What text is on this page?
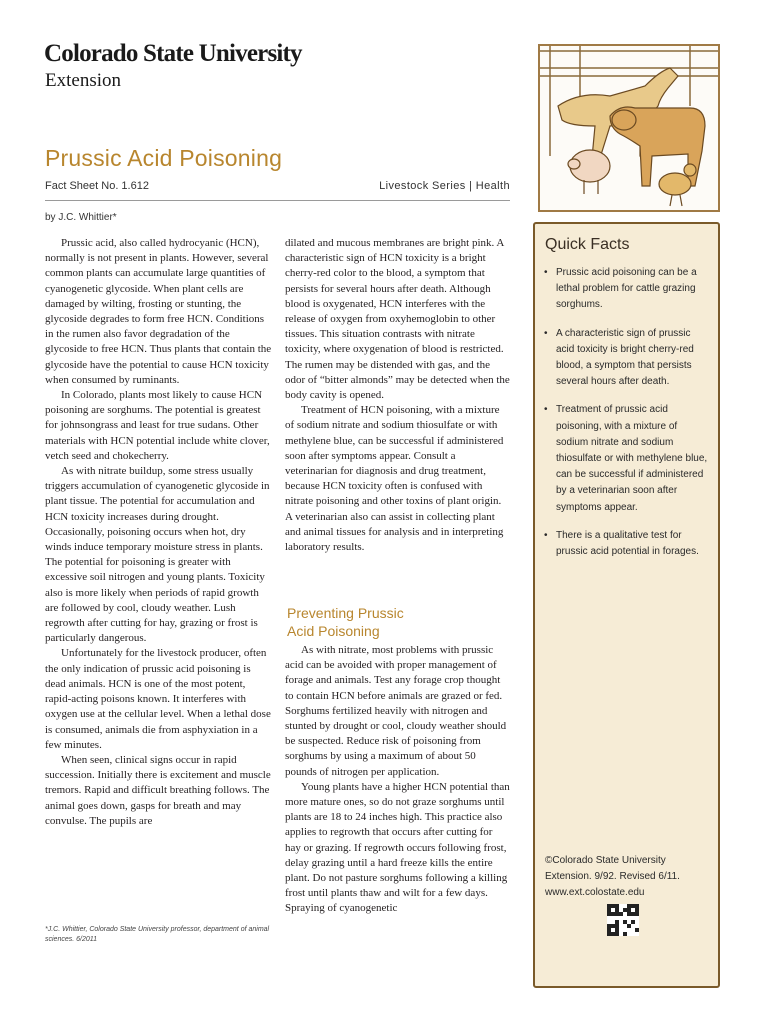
Colorado State University
Extension
Prussic Acid Poisoning
Fact Sheet No. 1.612	Livestock Series | Health
by J.C. Whittier*

Prussic acid, also called hydrocyanic (HCN), normally is not present in plants. However, several common plants can accumulate large quantities of cyanogenetic glycoside. When plant cells are damaged by wilting, frosting or stunting, the glycoside degrades to form free HCN. Conditions in the rumen also favor degradation of the glycoside to free HCN. Thus plants that contain the glycoside have the potential to cause HCN toxicity when consumed by ruminants.

In Colorado, plants most likely to cause HCN poisoning are sorghums. The potential is greatest for johnsongrass and least for true sudans. Other materials with HCN potential include white clover, vetch seed and chokecherry.

As with nitrate buildup, some stress usually triggers accumulation of cyanogenetic glycoside in plant tissue. The potential for accumulation and HCN toxicity increases during drought. Occasionally, poisoning occurs when hot, dry winds induce temporary moisture stress in plants. The potential for poisoning is greater with excessive soil nitrogen and young plants. Toxicity also is more likely when periods of rapid growth are followed by cool, cloudy weather. Lush regrowth after cutting for hay, grazing or frost is particularly dangerous.

Unfortunately for the livestock producer, often the only indication of prussic acid poisoning is dead animals. HCN is one of the most potent, rapid-acting poisons known. It interferes with oxygen use at the cellular level. When a lethal dose is consumed, animals die from asphyxiation in a few minutes.

When seen, clinical signs occur in rapid succession. Initially there is excitement and muscle tremors. Rapid and difficult breathing follows. The animal goes down, gasps for breath and may convulse. The pupils are

dilated and mucous membranes are bright pink. A characteristic sign of HCN toxicity is a bright cherry-red color to the blood, a symptom that persists for several hours after death. Although blood is oxygenated, HCN interferes with the release of oxygen from oxyhemoglobin to other tissues. This situation contrasts with nitrate toxicity, where oxygenation of blood is restricted. The rumen may be distended with gas, and the odor of “bitter almonds” may be detected when the body cavity is opened.

Treatment of HCN poisoning, with a mixture of sodium nitrate and sodium thiosulfate or with methylene blue, can be successful if administered soon after symptoms appear. Consult a veterinarian for diagnosis and drug treatment, because HCN toxicity often is confused with nitrate poisoning and other toxins of plant origin. A veterinarian also can assist in collecting plant and animal tissues for analysis and in interpreting laboratory results.

Preventing Prussic
Acid Poisoning

As with nitrate, most problems with prussic acid can be avoided with proper management of forage and animals. Test any forage crop thought to contain HCN before animals are grazed or fed. Sorghums fertilized heavily with nitrogen and stunted by drought or cool, cloudy weather should be suspected. Reduce risk of poisoning from sorghums by using a maximum of about 50 pounds of nitrogen per application.

Young plants have a higher HCN potential than more mature ones, so do not graze sorghums until plants are 18 to 24 inches high. This practice also applies to regrowth that occurs after cutting for hay or grazing. If regrowth occurs following frost, delay grazing until a hard freeze kills the entire plant. Do not pasture sorghums following a killing frost until plants thaw and wilt for a few days. Spraying of cyanogenetic

*J.C. Whittier, Colorado State University professor, department of animal sciences. 6/2011
Quick Facts
• Prussic acid poisoning can be a lethal problem for cattle grazing sorghums.
• A characteristic sign of prussic acid toxicity is bright cherry-red blood, a symptom that persists several hours after death.
• Treatment of prussic acid poisoning, with a mixture of sodium nitrate and sodium thiosulfate or with methylene blue, can be successful if administered by a veterinarian soon after symptoms appear.
• There is a qualitative test for prussic acid potential in forages.
©Colorado State University
Extension. 9/92. Revised 6/11.
www.ext.colostate.edu
